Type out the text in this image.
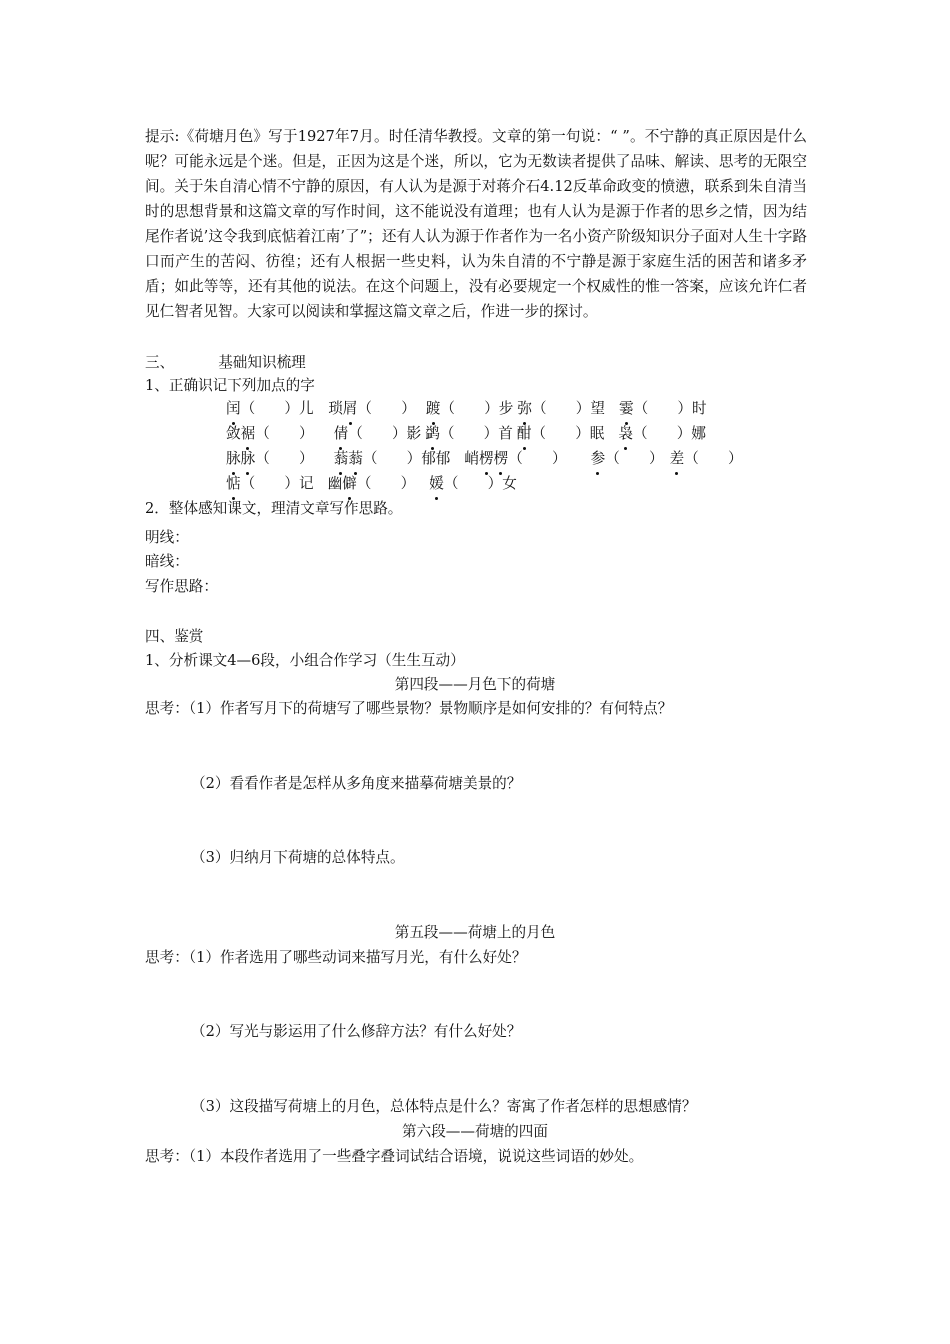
提示:《荷塘月色》写于1927年7月。时任清华教授。文章的第一句说：“ ”。不宁静的真正原因是什么呢？可能永远是个迷。但是，正因为这是个迷，所以，它为无数读者提供了品味、解读、思考的无限空间。关于朱自清心情不宁静的原因，有人认为是源于对蒋介石4.12反革命政变的愤懑，联系到朱自清当时的思想背景和这篇文章的写作时间，这不能说没有道理；也有人认为是源于作者的思乡之情，因为结尾作者说’这令我到底惦着江南’了”；还有人认为源于作者作为一名小资产阶级知识分子面对人生十字路口而产生的苦闷、彷徨；还有人根据一些史料，认为朱自清的不宁静是源于家庭生活的困苦和诸多矛盾；如此等等，还有其他的说法。在这个问题上，没有必要规定一个权威性的惟一答案，应该允许仁者见仁智者见智。大家可以阅读和掌握这篇文章之后，作进一步的探讨。
三、	基础知识梳理
1、正确识记下列加点的字
闰（　　）儿　琐屑（　　） 踱（　　）步 弥（　　）望 霎（　　）时
敛裾（　　） 倩（　　）影 鹢（　　）首 酣（　　）眠 袅（　　）娜
脉脉（　　） 蓊蓊（　　）郁郁 峭楞楞（　　） 参（　　） 差（　　）
惦（　　）记 幽僻（　　） 媛（　　）女
2．整体感知课文，理清文章写作思路。
明线：
暗线：
写作思路：
四、鉴赏
1、分析课文4—6段，小组合作学习（生生互动）
第四段——月色下的荷塘
思考：（1）作者写月下的荷塘写了哪些景物？景物顺序是如何安排的？有何特点？
（2）看看作者是怎样从多角度来描摹荷塘美景的？
（3）归纳月下荷塘的总体特点。
第五段——荷塘上的月色
思考：（1）作者选用了哪些动词来描写月光，有什么好处？
（2）写光与影运用了什么修辞方法？有什么好处？
（3）这段描写荷塘上的月色，总体特点是什么？寄寓了作者怎样的思想感情？
第六段——荷塘的四面
思考：（1）本段作者选用了一些叠字叠词试结合语境，说说这些词语的妙处。
